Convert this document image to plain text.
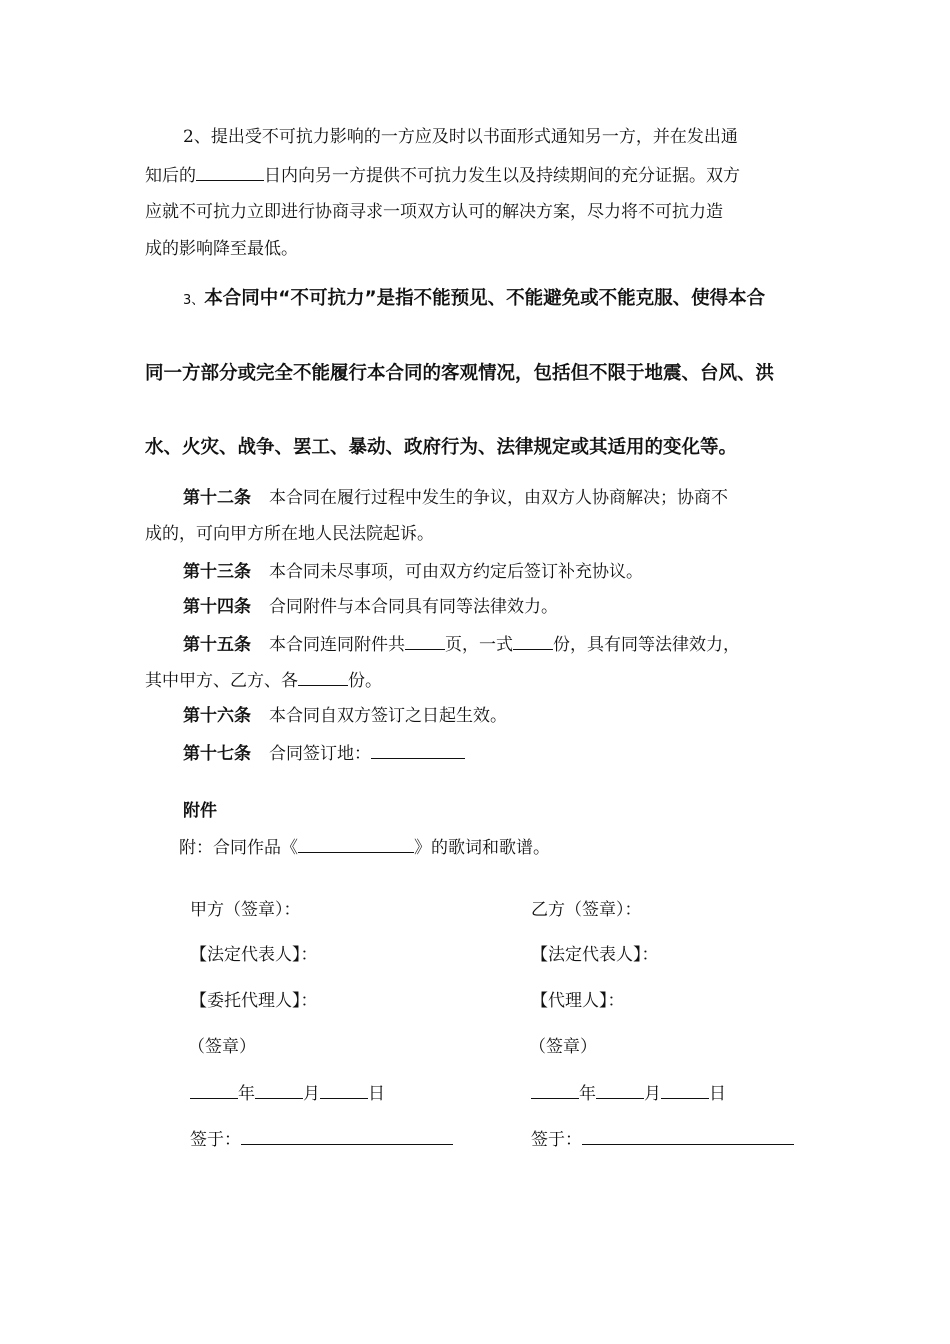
2、提出受不可抗力影响的一方应及时以书面形式通知另一方，并在发出通
知后的	日内向另一方提供不可抗力发生以及持续期间的充分证据。双方
应就不可抗力立即进行协商寻求一项双方认可的解决方案，尽力将不可抗力造
成的影响降至最低。
3、本合同中“不可抗力”是指不能预见、不能避免或不能克服、使得本合
同一方部分或完全不能履行本合同的客观情况，包括但不限于地震、台风、洪
水、火灾、战争、罢工、暴动、政府行为、法律规定或其适用的变化等。
第十二条 本合同在履行过程中发生的争议，由双方人协商解决；协商不
成的，可向甲方所在地人民法院起诉。
第十三条 本合同未尽事项，可由双方约定后签订补充协议。
第十四条 合同附件与本合同具有同等法律效力。
第十五条 本合同连同附件共 页，一式 份，具有同等法律效力，
其中甲方、乙方、各	份。
第十六条 本合同自双方签订之日起生效。
第十七条 合同签订地：
附件
附：合同作品《	》的歌词和歌谱。
甲方（签章）：
【法定代表人】：
【委托代理人】：
（签章）
年	月	日
签于：
乙方（签章）：
【法定代表人】：
【代理人】：
（签章）
年	月	日
签于：
